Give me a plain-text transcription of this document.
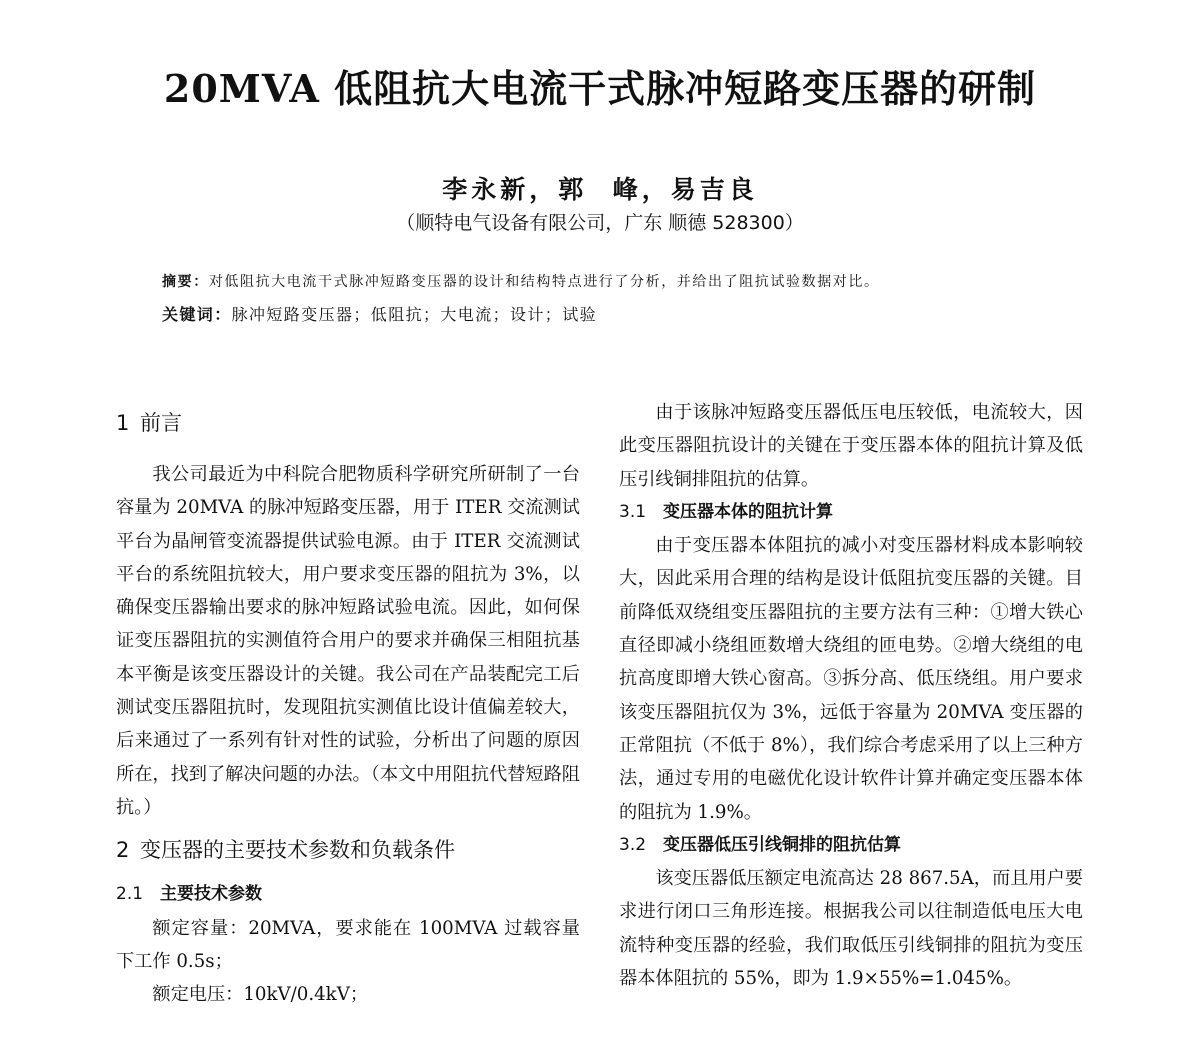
20MVA 低阻抗大电流干式脉冲短路变压器的研制
李永新，郭  峰，易吉良
（顺特电气设备有限公司，广东 顺德 528300）
摘要：对低阻抗大电流干式脉冲短路变压器的设计和结构特点进行了分析，并给出了阻抗试验数据对比。
关键词：脉冲短路变压器；低阻抗；大电流；设计；试验
1 前言

我公司最近为中科院合肥物质科学研究所研制了一台容量为 20MVA 的脉冲短路变压器，用于 ITER 交流测试平台为晶闸管变流器提供试验电源。由于 ITER 交流测试平台的系统阻抗较大，用户要求变压器的阻抗为 3%，以确保变压器输出要求的脉冲短路试验电流。因此，如何保证变压器阻抗的实测值符合用户的要求并确保三相阻抗基本平衡是该变压器设计的关键。我公司在产品装配完工后测试变压器阻抗时，发现阻抗实测值比设计值偏差较大，后来通过了一系列有针对性的试验，分析出了问题的原因所在，找到了解决问题的办法。（本文中用阻抗代替短路阻抗。）

2 变压器的主要技术参数和负载条件
2.1 主要技术参数

额定容量：20MVA，要求能在 100MVA 过载容量下工作 0.5s；

额定电压：10kV/0.4kV；

由于该脉冲短路变压器低压电压较低，电流较大，因此变压器阻抗设计的关键在于变压器本体的阻抗计算及低压引线铜排阻抗的估算。

3.1 变压器本体的阻抗计算

由于变压器本体阻抗的减小对变压器材料成本影响较大，因此采用合理的结构是设计低阻抗变压器的关键。目前降低双绕组变压器阻抗的主要方法有三种：①增大铁心直径即减小绕组匝数增大绕组的匝电势。②增大绕组的电抗高度即增大铁心窗高。③拆分高、低压绕组。用户要求该变压器阻抗仅为 3%，远低于容量为 20MVA 变压器的正常阻抗（不低于 8%），我们综合考虑采用了以上三种方法，通过专用的电磁优化设计软件计算并确定变压器本体的阻抗为 1.9%。

3.2 变压器低压引线铜排的阻抗估算

该变压器低压额定电流高达 28 867.5A，而且用户要求进行闭口三角形连接。根据我公司以往制造低电压大电流特种变压器的经验，我们取低压引线铜排的阻抗为变压器本体阻抗的 55%，即为 1.9×55%=1.045%。
